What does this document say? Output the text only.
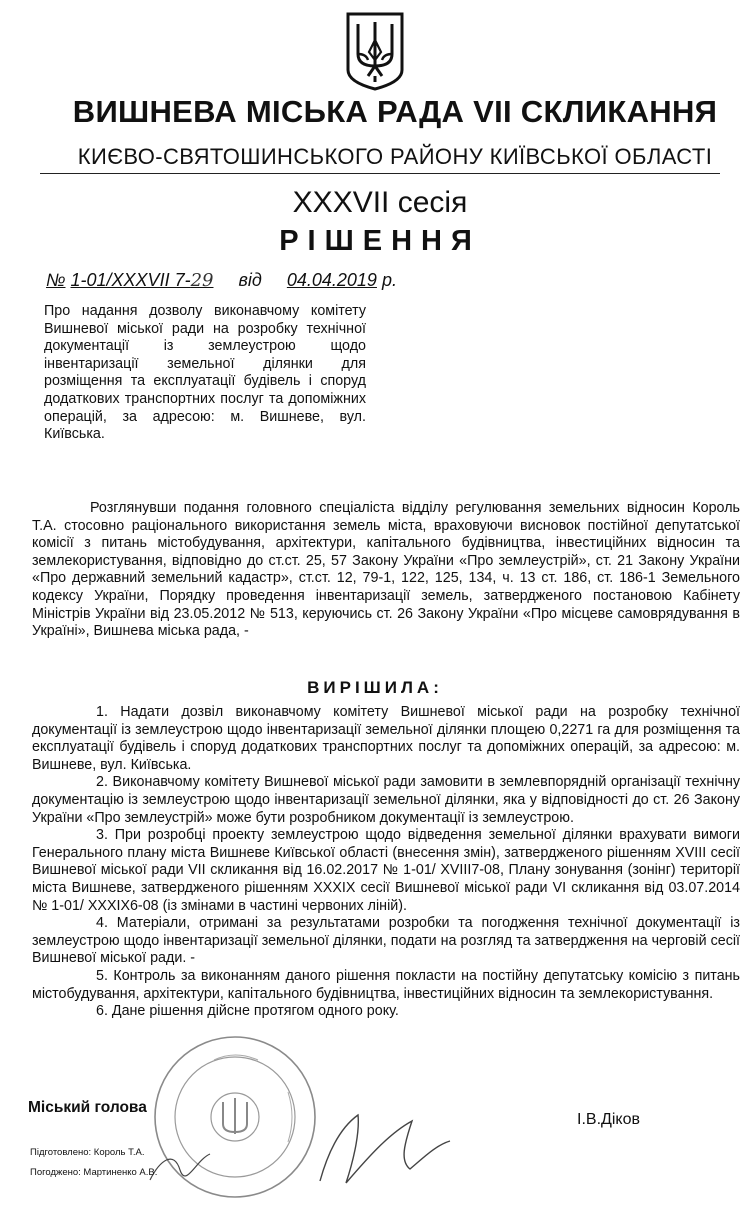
ВИШНЕВА МІСЬКА РАДА VII СКЛИКАННЯ
КИЄВО-СВЯТОШИНСЬКОГО РАЙОНУ КИЇВСЬКОЇ ОБЛАСТІ
XXXVII сесія
РІШЕННЯ
№ 1-01/XXXVII 7-29 від 04.04.2019 р.
Про надання дозволу виконавчому комітету Вишневої міської ради на розробку технічної документації із землеустрою щодо інвентаризації земельної ділянки для розміщення та експлуатації будівель і споруд додаткових транспортних послуг та допоміжних операцій, за адресою: м. Вишневе, вул. Київська.
Розглянувши подання головного спеціаліста відділу регулювання земельних відносин Король Т.А. стосовно раціонального використання земель міста, враховуючи висновок постійної депутатської комісії з питань містобудування, архітектури, капітального будівництва, інвестиційних відносин та землекористування, відповідно до ст.ст. 25, 57 Закону України «Про землеустрій», ст. 21 Закону України «Про державний земельний кадастр», ст.ст. 12, 79-1, 122, 125, 134, ч. 13 ст. 186, ст. 186-1 Земельного кодексу України, Порядку проведення інвентаризації земель, затвердженого постановою Кабінету Міністрів України від 23.05.2012 № 513, керуючись ст. 26 Закону України «Про місцеве самоврядування в Україні», Вишнева міська рада, -
ВИРІШИЛА:

1. Надати дозвіл виконавчому комітету Вишневої міської ради на розробку технічної документації із землеустрою щодо інвентаризації земельної ділянки площею 0,2271 га для розміщення та експлуатації будівель і споруд додаткових транспортних послуг та допоміжних операцій, за адресою: м. Вишневе, вул. Київська.

2. Виконавчому комітету Вишневої міської ради замовити в землевпорядній організації технічну документацію із землеустрою щодо інвентаризації земельної ділянки, яка у відповідності до ст. 26 Закону України «Про землеустрій» може бути розробником документації із землеустрою.

3. При розробці проекту землеустрою щодо відведення земельної ділянки врахувати вимоги Генерального плану міста Вишневе Київської області (внесення змін), затвердженого рішенням XVIII сесії Вишневої міської ради VII скликання від 16.02.2017 № 1-01/ XVIII7-08, Плану зонування (зонінг) території міста Вишневе, затвердженого рішенням XXXIX сесії Вишневої міської ради VI скликання від 03.07.2014 № 1-01/ XXXIX6-08 (із змінами в частині червоних ліній).

4. Матеріали, отримані за результатами розробки та погодження технічної документації із землеустрою щодо інвентаризації земельної ділянки, подати на розгляд та затвердження на черговій сесії Вишневої міської ради. -

5. Контроль за виконанням даного рішення покласти на постійну депутатську комісію з питань містобудування, архітектури, капітального будівництва, інвестиційних відносин та землекористування.

6. Дане рішення дійсне протягом одного року.

Міський голова
І.В.Діков
Підготовлено: Король Т.А.
Погоджено: Мартиненко А.В.
